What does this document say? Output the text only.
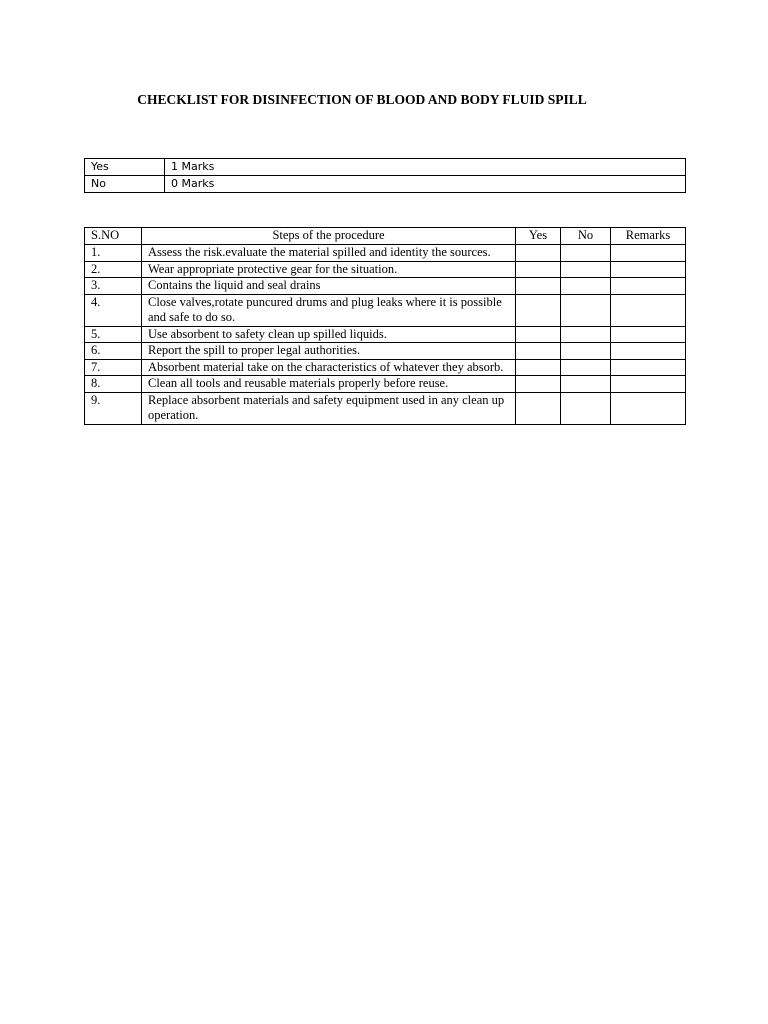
CHECKLIST FOR DISINFECTION OF BLOOD AND BODY FLUID SPILL
Yes	1 Marks
No	0 Marks
S.NO	Steps of the procedure	Yes	No	Remarks
1.	Assess the risk.evaluate the material spilled and identity the sources.			
2.	Wear appropriate protective gear for the situation.			
3.	Contains the liquid and seal drains			
4.	Close valves,rotate puncured drums and plug leaks where it is possible and safe to do so.			
5.	Use absorbent to safety clean up spilled liquids.			
6.	Report the spill to proper legal authorities.			
7.	Absorbent material take on the characteristics of whatever they absorb.			
8.	Clean all tools and reusable materials properly before reuse.			
9.	Replace absorbent materials and safety equipment used in any clean up operation.			
